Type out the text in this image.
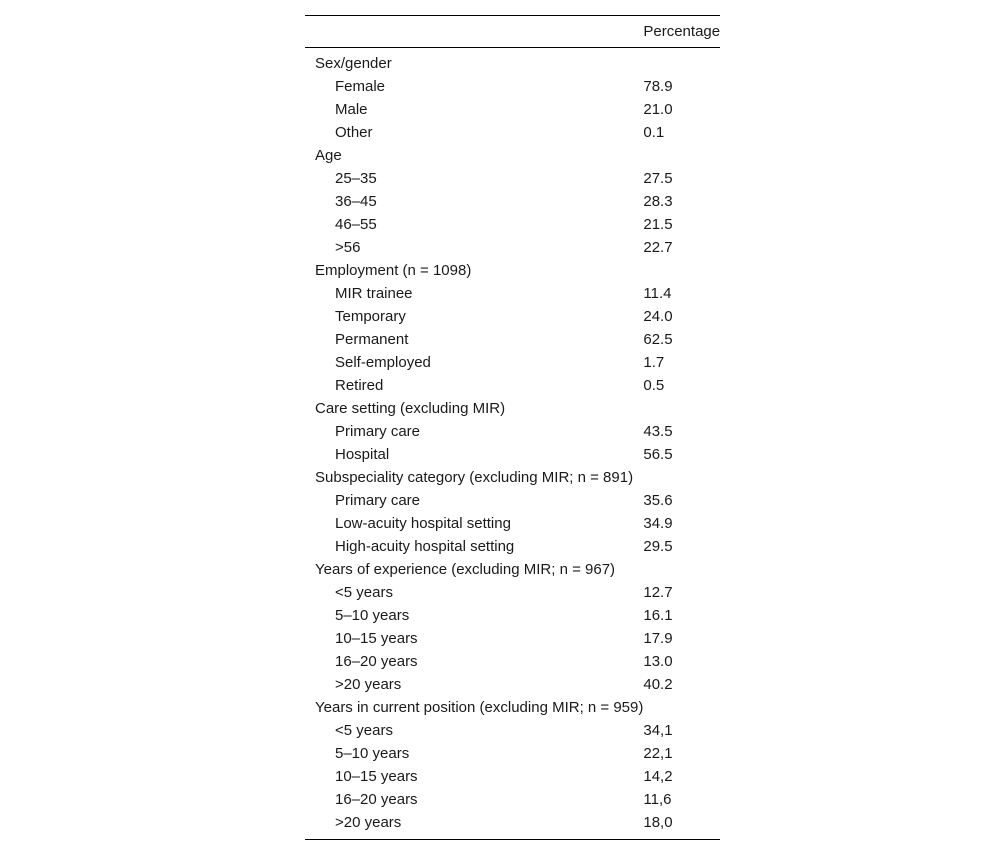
	Percentage
Sex/gender	
Female	78.9
Male	21.0
Other	0.1
Age	
25–35	27.5
36–45	28.3
46–55	21.5
>56	22.7
Employment (n = 1098)	
MIR trainee	11.4
Temporary	24.0
Permanent	62.5
Self-employed	1.7
Retired	0.5
Care setting (excluding MIR)	
Primary care	43.5
Hospital	56.5
Subspeciality category (excluding MIR; n = 891)	
Primary care	35.6
Low-acuity hospital setting	34.9
High-acuity hospital setting	29.5
Years of experience (excluding MIR; n = 967)	
<5 years	12.7
5–10 years	16.1
10–15 years	17.9
16–20 years	13.0
>20 years	40.2
Years in current position (excluding MIR; n = 959)	
<5 years	34,1
5–10 years	22,1
10–15 years	14,2
16–20 years	11,6
>20 years	18,0
